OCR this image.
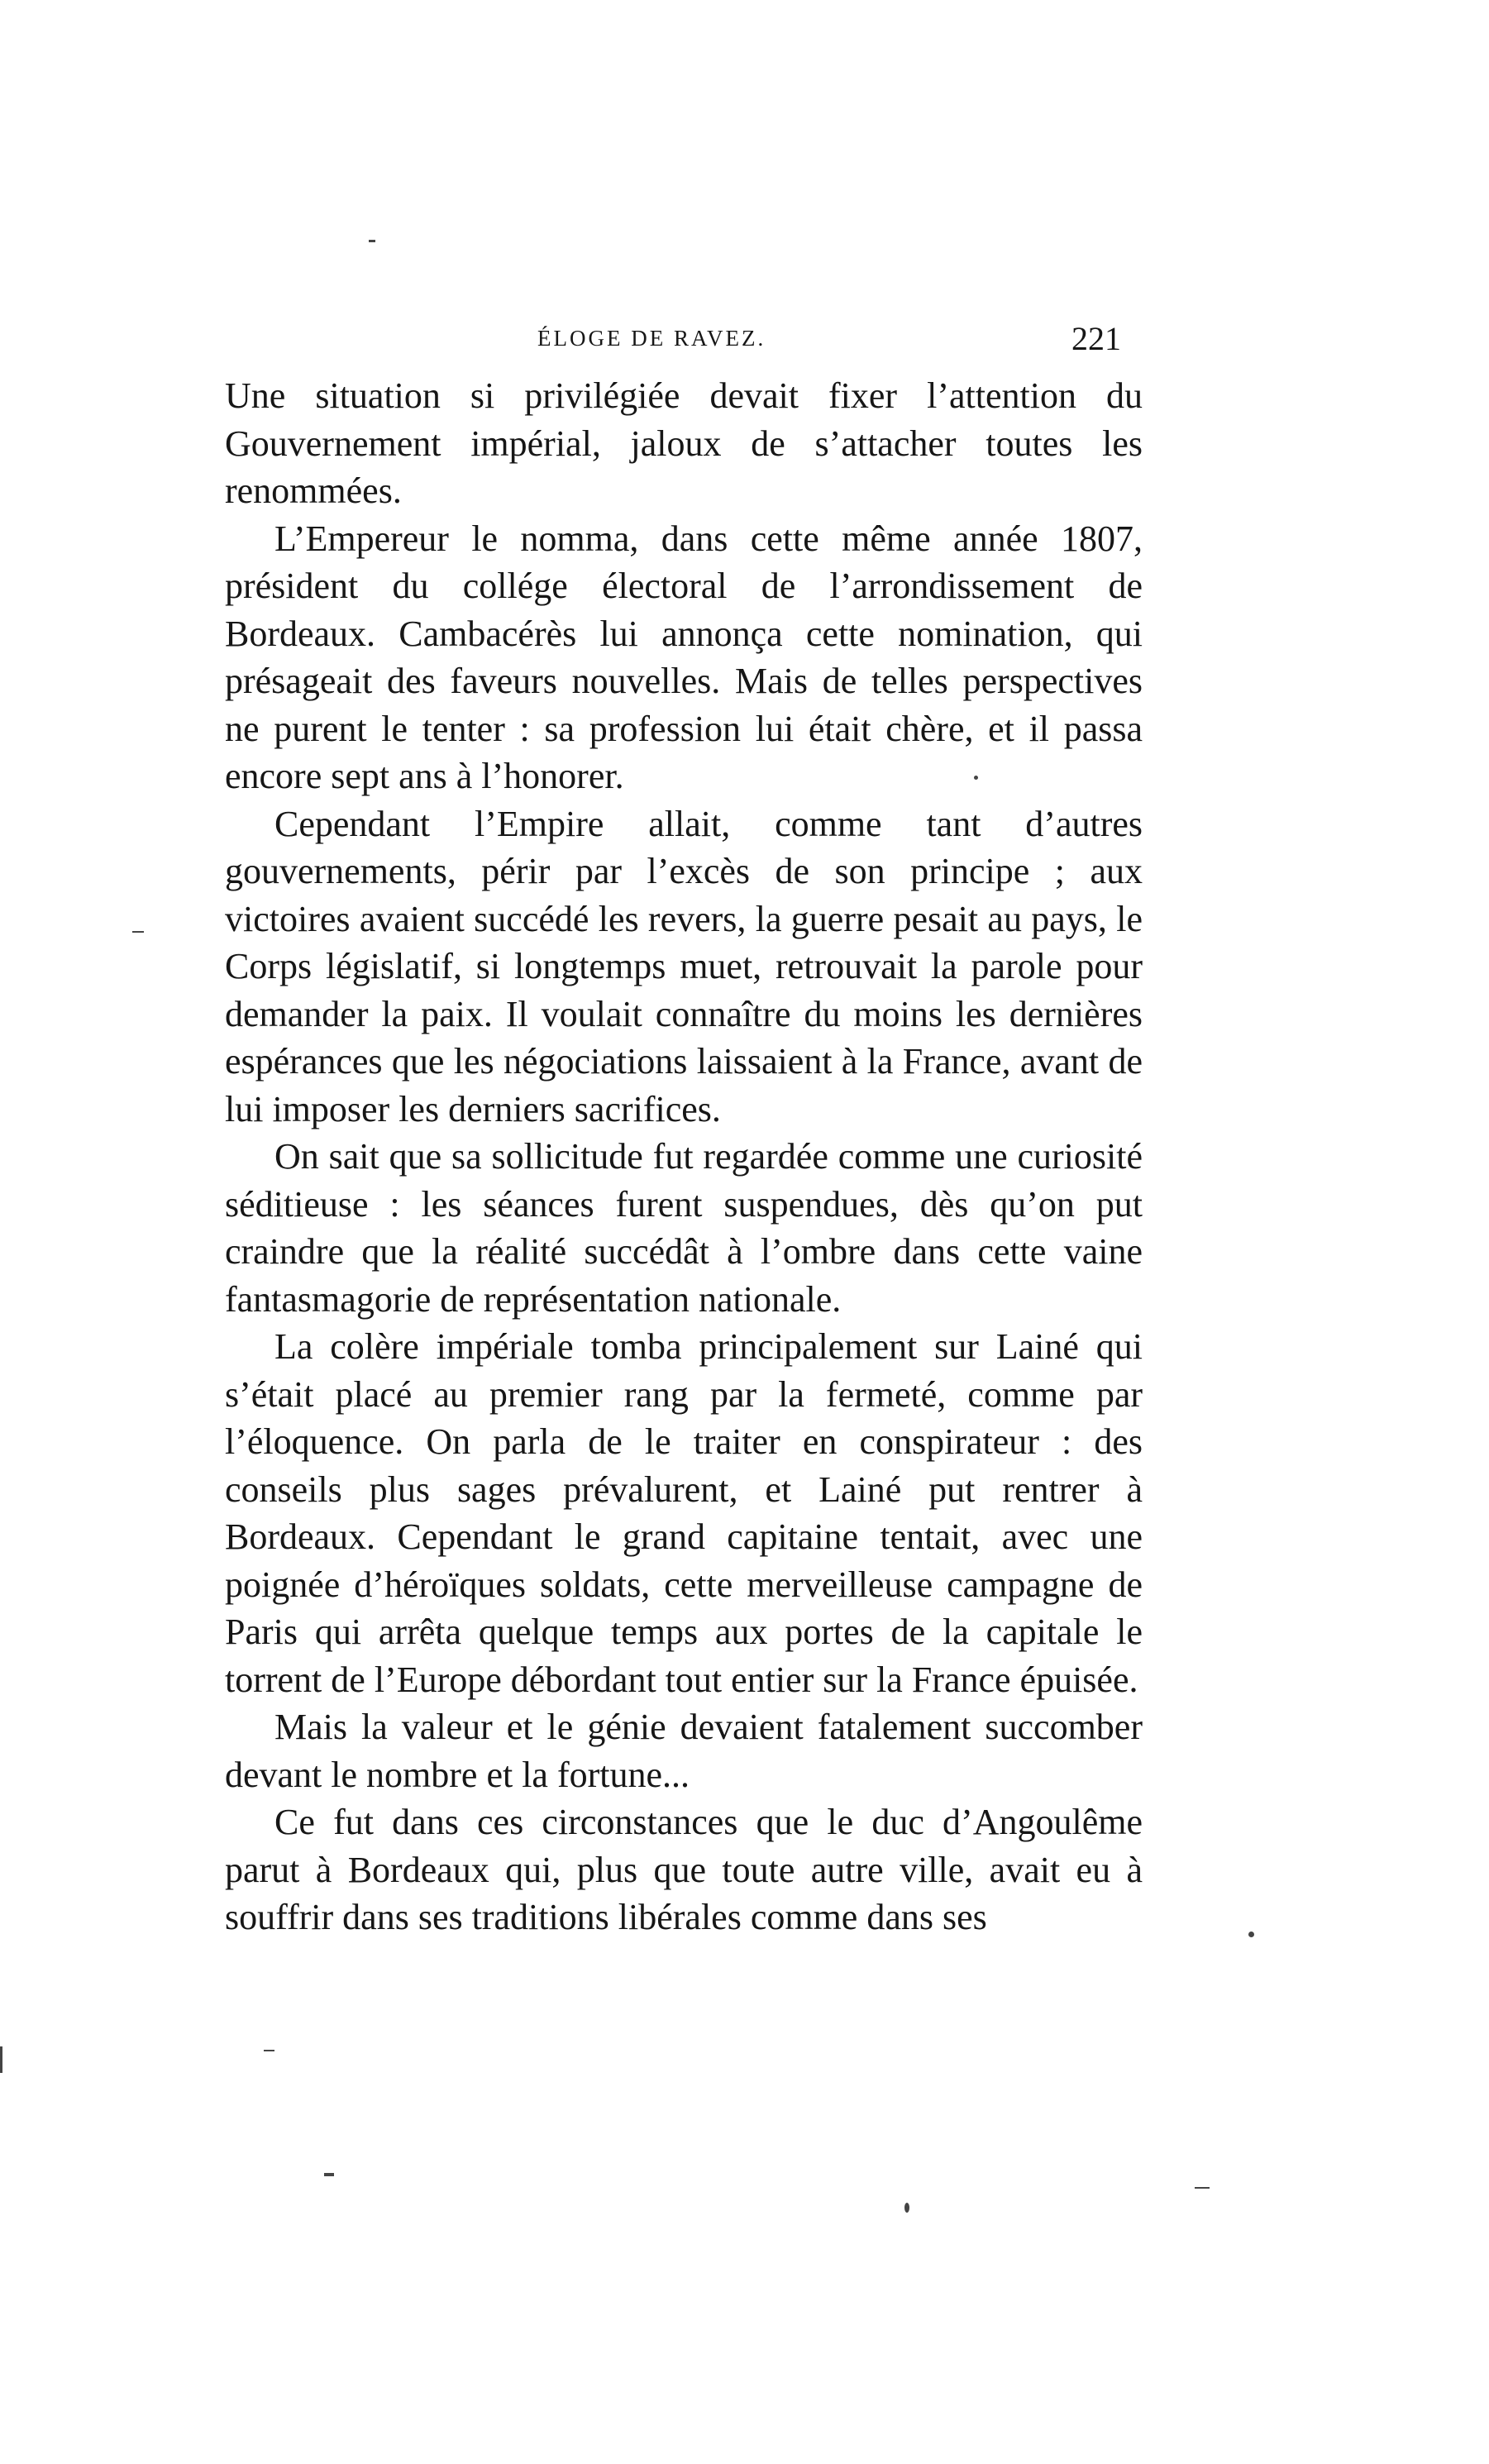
ÉLOGE DE RAVEZ.	221

Une situation si privilégiée devait fixer l’attention du Gouvernement impérial, jaloux de s’attacher toutes les renommées.

L’Empereur le nomma, dans cette même année 1807, président du collége électoral de l’arrondissement de Bordeaux. Cambacérès lui annonça cette nomination, qui présageait des faveurs nouvelles. Mais de telles perspectives ne purent le tenter : sa profession lui était chère, et il passa encore sept ans à l’honorer.

Cependant l’Empire allait, comme tant d’autres gouvernements, périr par l’excès de son principe ; aux victoires avaient succédé les revers, la guerre pesait au pays, le Corps législatif, si longtemps muet, retrouvait la parole pour demander la paix. Il voulait connaître du moins les dernières espérances que les négociations laissaient à la France, avant de lui imposer les derniers sacrifices.

On sait que sa sollicitude fut regardée comme une curiosité séditieuse : les séances furent suspendues, dès qu’on put craindre que la réalité succédât à l’ombre dans cette vaine fantasmagorie de représentation nationale.

La colère impériale tomba principalement sur Lainé qui s’était placé au premier rang par la fermeté, comme par l’éloquence. On parla de le traiter en conspirateur : des conseils plus sages prévalurent, et Lainé put rentrer à Bordeaux. Cependant le grand capitaine tentait, avec une poignée d’héroïques soldats, cette merveilleuse campagne de Paris qui arrêta quelque temps aux portes de la capitale le torrent de l’Europe débordant tout entier sur la France épuisée.

Mais la valeur et le génie devaient fatalement succomber devant le nombre et la fortune...

Ce fut dans ces circonstances que le duc d’Angoulême parut à Bordeaux qui, plus que toute autre ville, avait eu à souffrir dans ses traditions libérales comme dans ses
